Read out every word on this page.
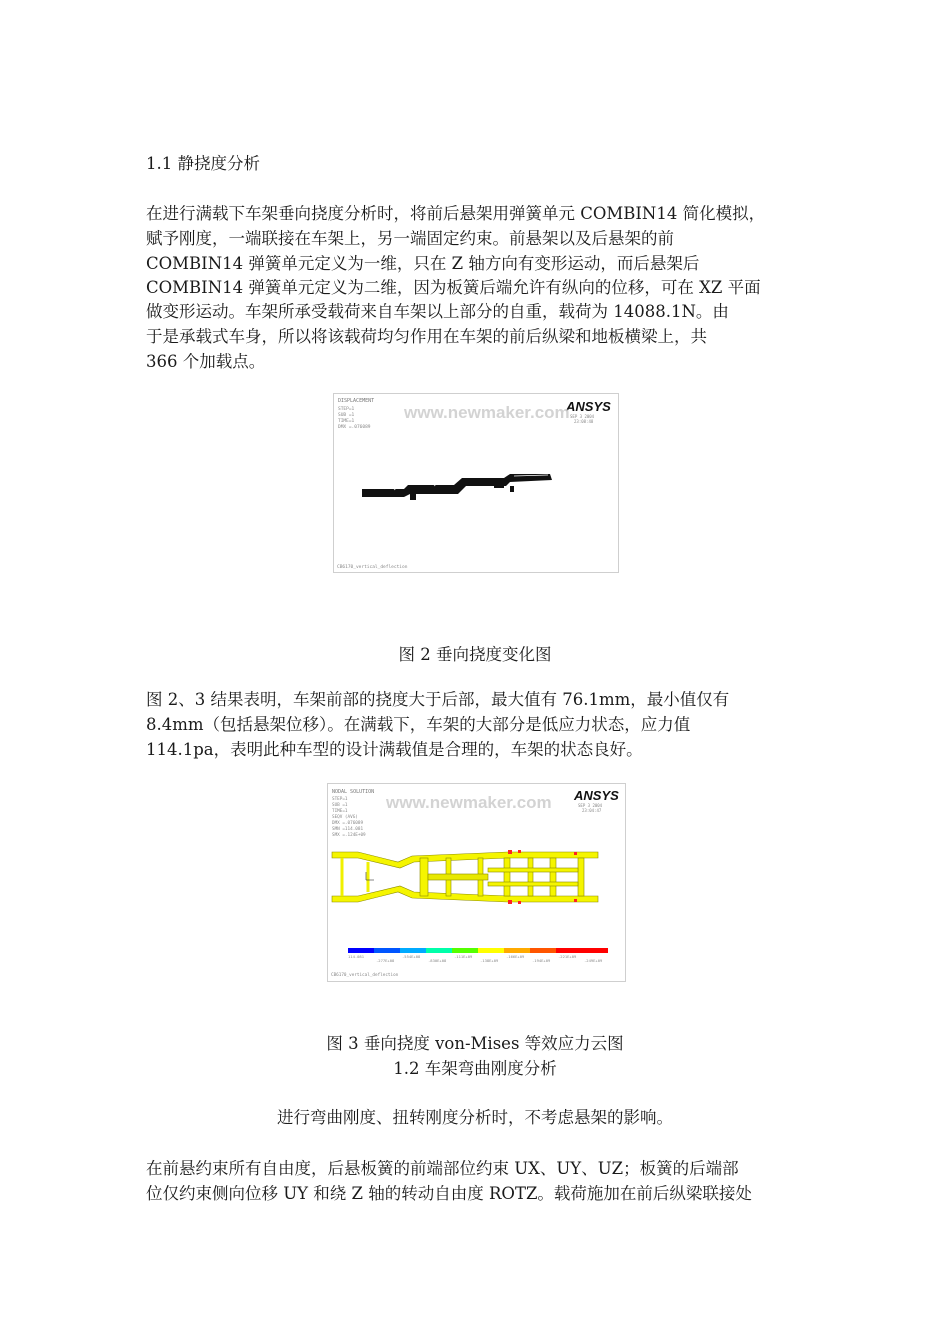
1.1 静挠度分析

在进行满载下车架垂向挠度分析时，将前后悬架用弹簧单元 COMBIN14 简化模拟，

赋予刚度，一端联接在车架上，另一端固定约束。前悬架以及后悬架的前

COMBIN14 弹簧单元定义为一维，只在 Z 轴方向有变形运动，而后悬架后

COMBIN14 弹簧单元定义为二维，因为板簧后端允许有纵向的位移，可在 XZ 平面

做变形运动。车架所承受载荷来自车架以上部分的自重，载荷为 14088.1N。由

于是承载式车身，所以将该载荷均匀作用在车架的前后纵梁和地板横梁上，共

366 个加载点。

DISPLACEMENT
STEP=1
SUB =1
TIME=1
DMX =.076089
ANSYS
SEP 3 2004
23:08:48
www.newmaker.com
CB6170_vertical_deflection

图 2 垂向挠度变化图

图 2、3 结果表明，车架前部的挠度大于后部，最大值有 76.1mm，最小值仅有

8.4mm（包括悬架位移）。在满载下，车架的大部分是低应力状态，应力值

114.1pa，表明此种车型的设计满载值是合理的，车架的状态良好。

NODAL SOLUTION
STEP=1
SUB =1
TIME=1
SEQV (AVG)
DMX =.076089
SMN =114.081
SMX =.124E+09
ANSYS
SEP 3 2004
23:04:47
www.newmaker.com
114.081
.277E+08
.554E+08
.830E+08
.111E+09
.138E+09
.166E+09
.194E+09
.221E+09
.249E+09
CB6170_vertical_deflection

图 3 垂向挠度 von-Mises 等效应力云图

1.2 车架弯曲刚度分析

进行弯曲刚度、扭转刚度分析时，不考虑悬架的影响。

在前悬约束所有自由度，后悬板簧的前端部位约束 UX、UY、UZ；板簧的后端部

位仅约束侧向位移 UY 和绕 Z 轴的转动自由度 ROTZ。载荷施加在前后纵梁联接处
